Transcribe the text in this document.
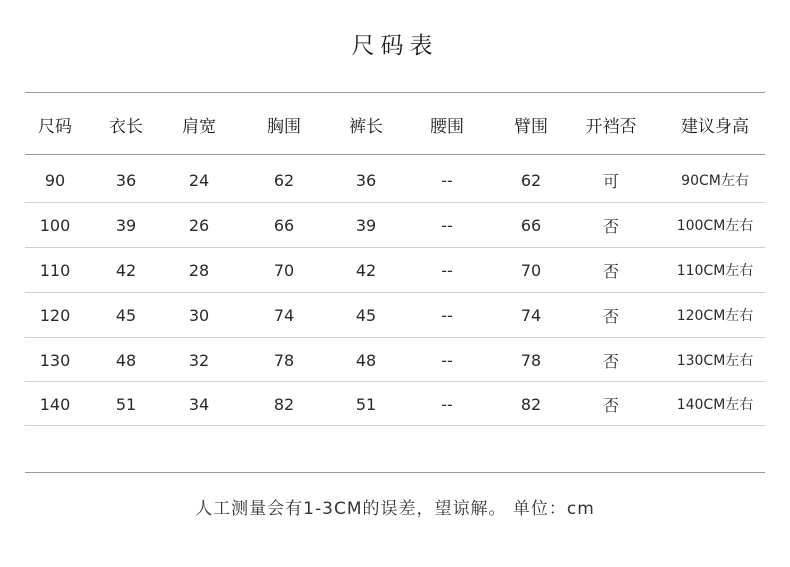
尺码表
尺码	衣长	肩宽	胸围	裤长	腰围	臂围	开裆否	建议身高
90	36	24	62	36	--	62	可	90CM左右
100	39	26	66	39	--	66	否	100CM左右
110	42	28	70	42	--	70	否	110CM左右
120	45	30	74	45	--	74	否	120CM左右
130	48	32	78	48	--	78	否	130CM左右
140	51	34	82	51	--	82	否	140CM左右
人工测量会有1-3CM的误差，望谅解。 单位：cm
